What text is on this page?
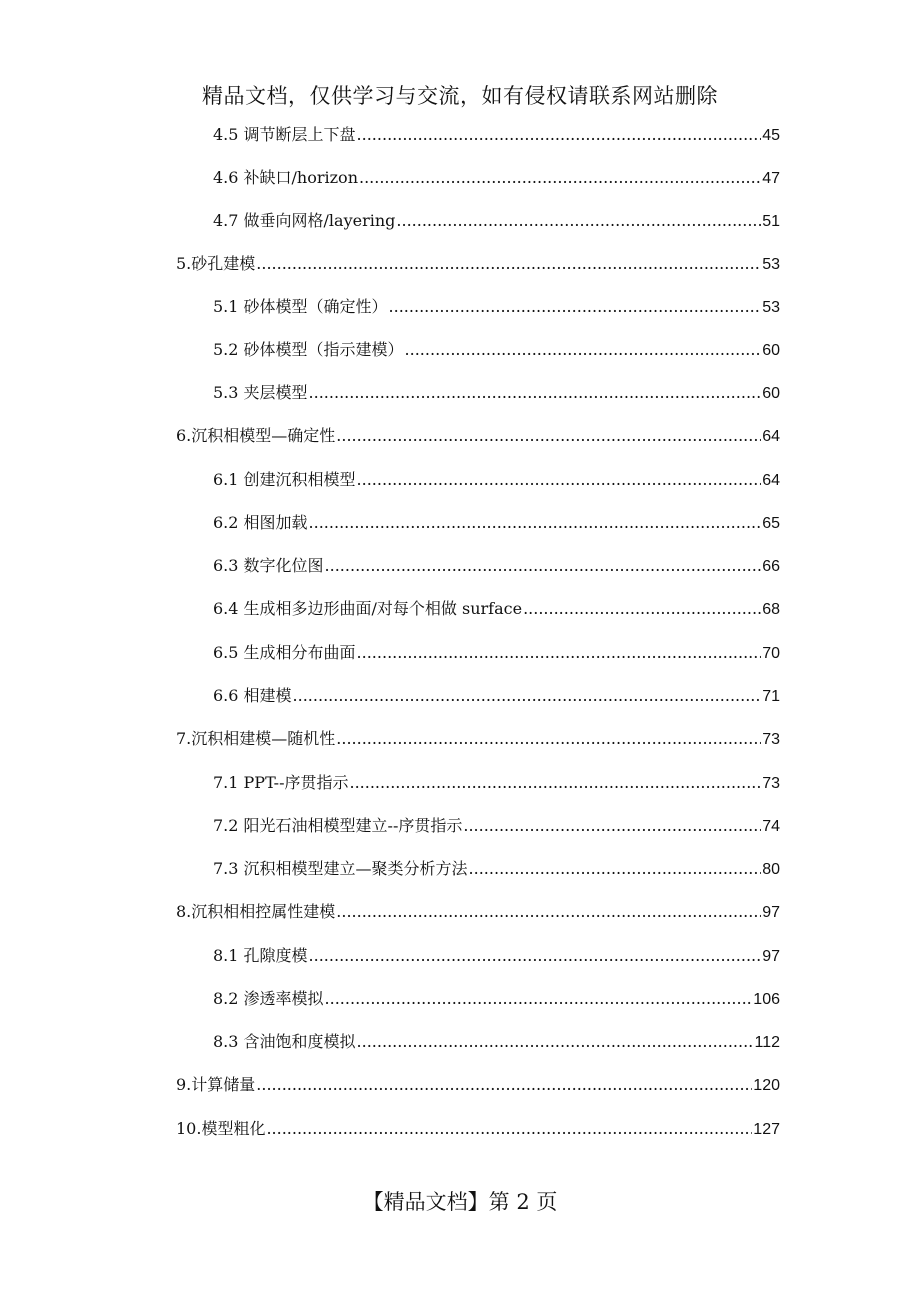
精品文档，仅供学习与交流，如有侵权请联系网站删除
4.5 调节断层上下盘 .....	45
4.6 补缺口/horizon .....	47
4.7 做垂向网格/layering .....	51
5.砂孔建模 .....	53
5.1 砂体模型（确定性） .....	53
5.2 砂体模型（指示建模） .....	60
5.3 夹层模型 .....	60
6.沉积相模型—确定性 .....	64
6.1 创建沉积相模型 .....	64
6.2 相图加载 .....	65
6.3 数字化位图 .....	66
6.4 生成相多边形曲面/对每个相做 surface .....	68
6.5 生成相分布曲面 .....	70
6.6 相建模 .....	71
7.沉积相建模—随机性 .....	73
7.1 PPT--序贯指示 .....	73
7.2 阳光石油相模型建立--序贯指示 .....	74
7.3 沉积相模型建立—聚类分析方法 .....	80
8.沉积相相控属性建模 .....	97
8.1 孔隙度模 .....	97
8.2 渗透率模拟 .....	106
8.3 含油饱和度模拟 .....	112
9.计算储量 .....	120
10.模型粗化 .....	127
【精品文档】第 2 页
